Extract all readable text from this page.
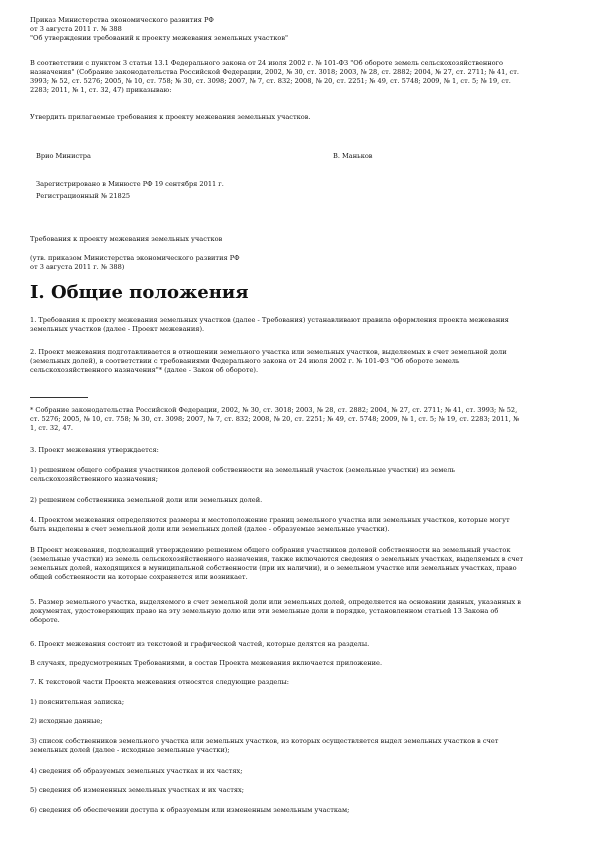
Приказ Министерства экономического развития РФ
от 3 августа 2011 г. № 388
"Об утверждении требований к проекту межевания земельных участков"
В соответствии с пунктом 3 статьи 13.1 Федерального закона от 24 июля 2002 г. № 101-ФЗ "Об обороте земель сельскохозяйственного
назначения" (Собрание законодательства Российской Федерации, 2002, № 30, ст. 3018; 2003, № 28, ст. 2882; 2004, № 27, ст. 2711; № 41, ст.
3993; № 52, ст. 5276; 2005, № 10, ст. 758; № 30, ст. 3098; 2007, № 7, ст. 832; 2008, № 20, ст. 2251; № 49, ст. 5748; 2009, № 1, ст. 5; № 19, ст.
2283; 2011, № 1, ст. 32, 47) приказываю:
Утвердить прилагаемые требования к проекту межевания земельных участков.
Врио Министра	В. Маньков
Зарегистрировано в Минюсте РФ 19 сентября 2011 г.
Регистрационный № 21825
Требования к проекту межевания земельных участков
(утв. приказом Министерства экономического развития РФ
от 3 августа 2011 г. № 388)
I. Общие положения
1. Требования к проекту межевания земельных участков (далее - Требования) устанавливают правила оформления проекта межевания
земельных участков (далее - Проект межевания).
2. Проект межевания подготавливается в отношении земельного участка или земельных участков, выделяемых в счет земельной доли
(земельных долей), в соответствии с требованиями Федерального закона от 24 июля 2002 г. № 101-ФЗ "Об обороте земель
сельскохозяйственного назначения"* (далее - Закон об обороте).
* Собрание законодательства Российской Федерации, 2002, № 30, ст. 3018; 2003, № 28, ст. 2882; 2004, № 27, ст. 2711; № 41, ст. 3993; № 52,
ст. 5276; 2005, № 10, ст. 758; № 30, ст. 3098; 2007, № 7, ст. 832; 2008, № 20, ст. 2251; № 49, ст. 5748; 2009, № 1, ст. 5; № 19, ст. 2283; 2011, №
1, ст. 32, 47.
3. Проект межевания утверждается:
1) решением общего собрания участников долевой собственности на земельный участок (земельные участки) из земель
сельскохозяйственного назначения;
2) решением собственника земельной доли или земельных долей.
4. Проектом межевания определяются размеры и местоположение границ земельного участка или земельных участков, которые могут
быть выделены в счет земельной доли или земельных долей (далее - образуемые земельные участки).
В Проект межевания, подлежащий утверждению решением общего собрания участников долевой собственности на земельный участок
(земельные участки) из земель сельскохозяйственного назначения, также включаются сведения о земельных участках, выделяемых в счет
земельных долей, находящихся в муниципальной собственности (при их наличии), и о земельном участке или земельных участках, право
общей собственности на которые сохраняется или возникает.
5. Размер земельного участка, выделяемого в счет земельной доли или земельных долей, определяется на основании данных, указанных в
документах, удостоверяющих право на эту земельную долю или эти земельные доли в порядке, установленном статьей 13 Закона об
обороте.
6. Проект межевания состоит из текстовой и графической частей, которые делятся на разделы.
В случаях, предусмотренных Требованиями, в состав Проекта межевания включается приложение.
7. К текстовой части Проекта межевания относятся следующие разделы:
1) пояснительная записка;
2) исходные данные;
3) список собственников земельного участка или земельных участков, из которых осуществляется выдел земельных участков в счет
земельных долей (далее - исходные земельные участки);
4) сведения об образуемых земельных участках и их частях;
5) сведения об измененных земельных участках и их частях;
6) сведения об обеспечении доступа к образуемым или измененным земельным участкам;
